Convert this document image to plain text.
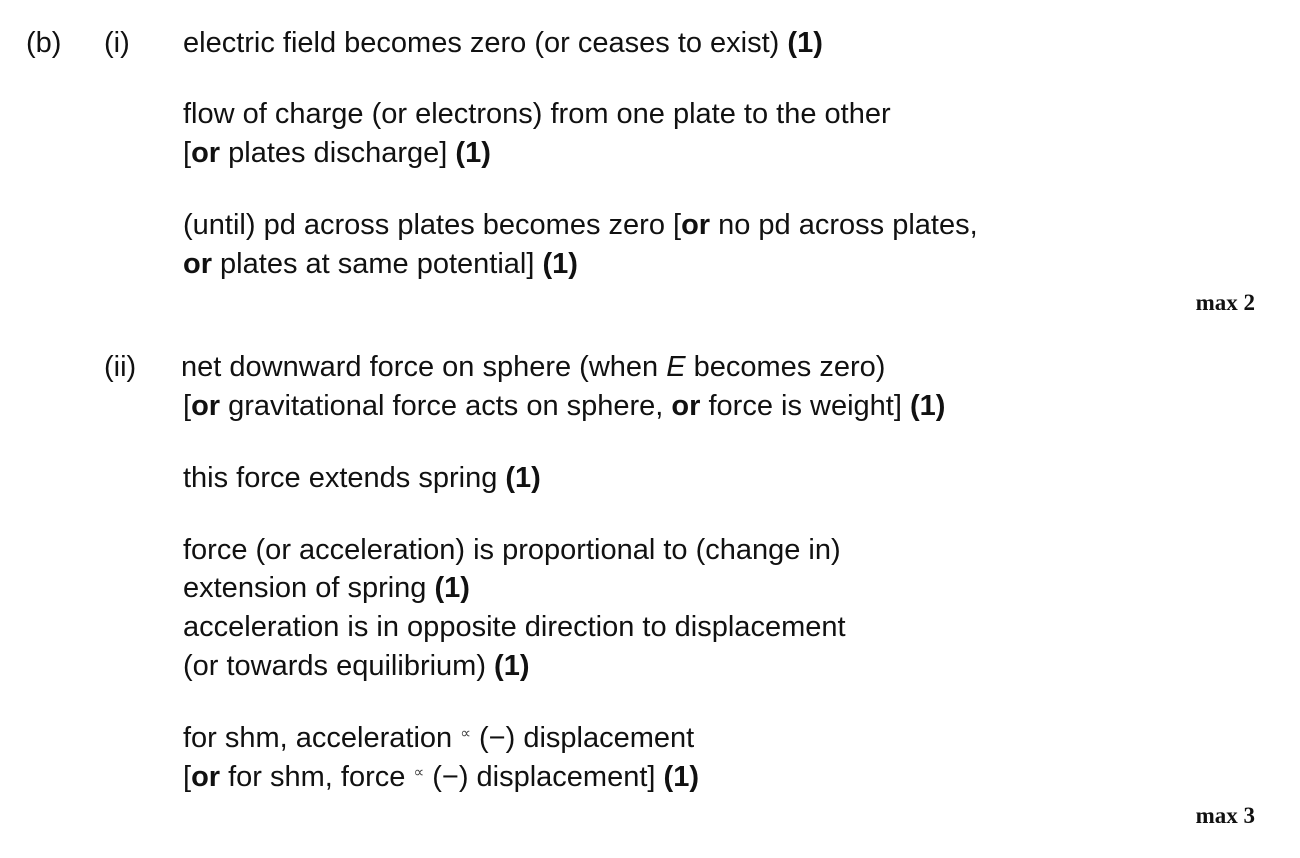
(b) (i) electric field becomes zero (or ceases to exist) (1)
flow of charge (or electrons) from one plate to the other
[or plates discharge] (1)
(until) pd across plates becomes zero [or no pd across plates,
or plates at same potential] (1)
max 2
(ii) net downward force on sphere (when E becomes zero)
[or gravitational force acts on sphere, or force is weight] (1)
this force extends spring (1)
force (or acceleration) is proportional to (change in)
extension of spring (1)
acceleration is in opposite direction to displacement
(or towards equilibrium) (1)
for shm, acceleration ∝ (−) displacement
[or for shm, force ∝ (−) displacement] (1)
max 3
